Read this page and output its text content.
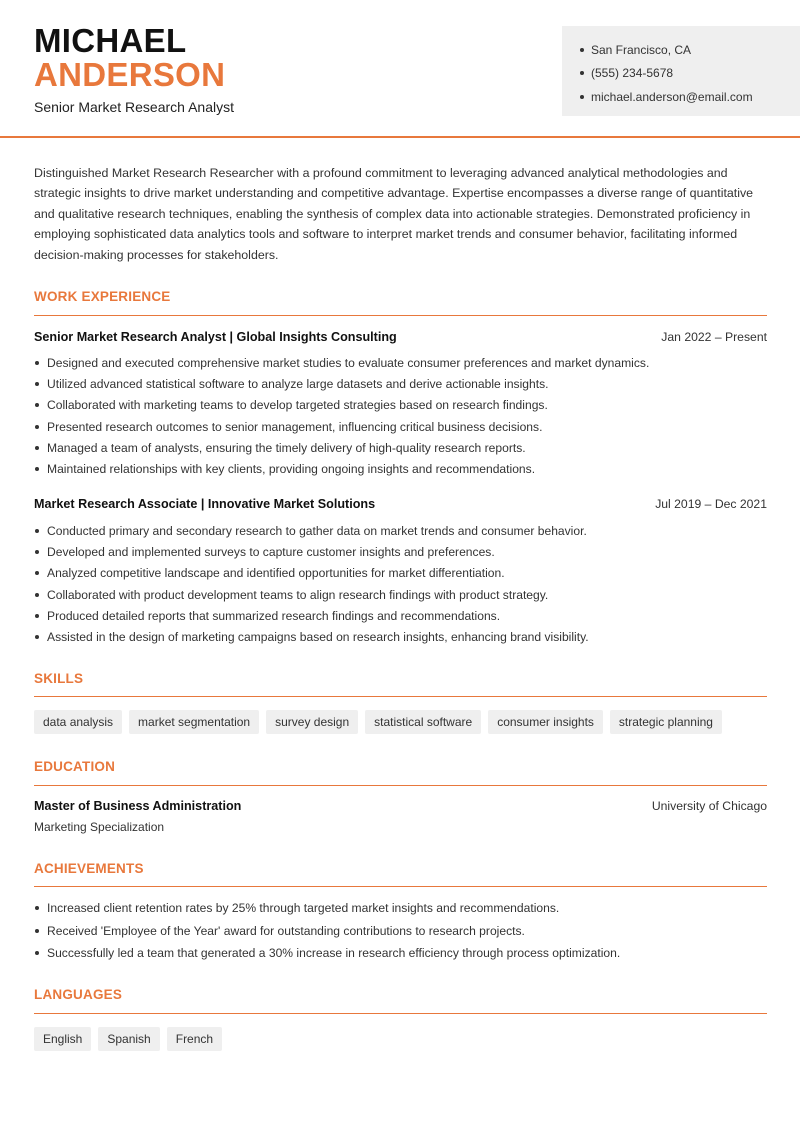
MICHAEL
ANDERSON
Senior Market Research Analyst
San Francisco, CA
(555) 234-5678
michael.anderson@email.com
Distinguished Market Research Researcher with a profound commitment to leveraging advanced analytical methodologies and strategic insights to drive market understanding and competitive advantage. Expertise encompasses a diverse range of quantitative and qualitative research techniques, enabling the synthesis of complex data into actionable strategies. Demonstrated proficiency in employing sophisticated data analytics tools and software to interpret market trends and consumer behavior, facilitating informed decision-making processes for stakeholders.
WORK EXPERIENCE
Senior Market Research Analyst | Global Insights Consulting	Jan 2022 – Present
Designed and executed comprehensive market studies to evaluate consumer preferences and market dynamics.
Utilized advanced statistical software to analyze large datasets and derive actionable insights.
Collaborated with marketing teams to develop targeted strategies based on research findings.
Presented research outcomes to senior management, influencing critical business decisions.
Managed a team of analysts, ensuring the timely delivery of high-quality research reports.
Maintained relationships with key clients, providing ongoing insights and recommendations.
Market Research Associate | Innovative Market Solutions	Jul 2019 – Dec 2021
Conducted primary and secondary research to gather data on market trends and consumer behavior.
Developed and implemented surveys to capture customer insights and preferences.
Analyzed competitive landscape and identified opportunities for market differentiation.
Collaborated with product development teams to align research findings with product strategy.
Produced detailed reports that summarized research findings and recommendations.
Assisted in the design of marketing campaigns based on research insights, enhancing brand visibility.
SKILLS
data analysis	market segmentation	survey design	statistical software	consumer insights	strategic planning
EDUCATION
Master of Business Administration	University of Chicago
Marketing Specialization
ACHIEVEMENTS
Increased client retention rates by 25% through targeted market insights and recommendations.
Received 'Employee of the Year' award for outstanding contributions to research projects.
Successfully led a team that generated a 30% increase in research efficiency through process optimization.
LANGUAGES
English	Spanish	French
